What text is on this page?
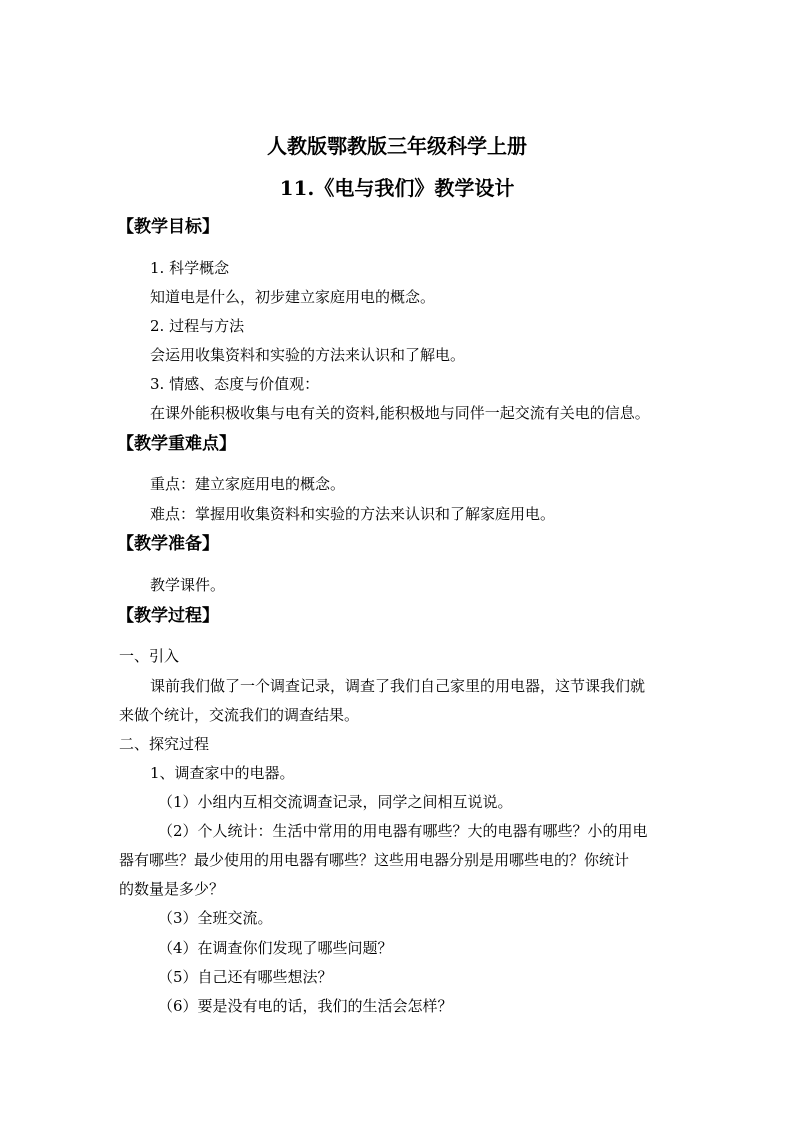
人教版鄂教版三年级科学上册
11.《电与我们》教学设计
【教学目标】
1. 科学概念
知道电是什么，初步建立家庭用电的概念。
2. 过程与方法
会运用收集资料和实验的方法来认识和了解电。
3. 情感、态度与价值观：
在课外能积极收集与电有关的资料,能积极地与同伴一起交流有关电的信息。
【教学重难点】
重点：建立家庭用电的概念。
难点：掌握用收集资料和实验的方法来认识和了解家庭用电。
【教学准备】
教学课件。
【教学过程】
一、引入
课前我们做了一个调查记录，调查了我们自己家里的用电器，这节课我们就
来做个统计，交流我们的调查结果。
二、探究过程
1、调查家中的电器。
（1）小组内互相交流调查记录，同学之间相互说说。
（2）个人统计：生活中常用的用电器有哪些？大的电器有哪些？小的用电
器有哪些？最少使用的用电器有哪些？这些用电器分别是用哪些电的？你统计
的数量是多少？
（3）全班交流。
（4）在调查你们发现了哪些问题？
（5）自己还有哪些想法？
（6）要是没有电的话，我们的生活会怎样？
